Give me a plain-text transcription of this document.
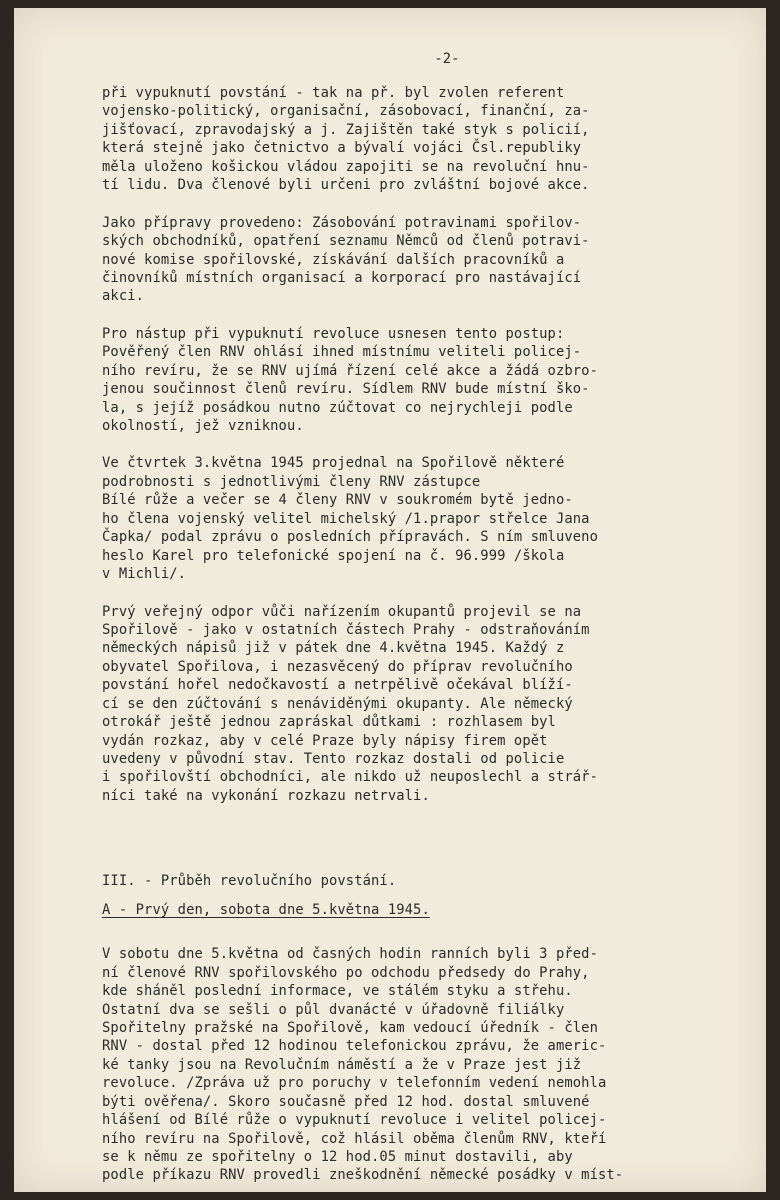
-2-
při vypuknutí povstání - tak na př. byl zvolen referent
vojensko-politický, organisační, zásobovací, finanční, za-
jišťovací, zpravodajský a j. Zajištěn také styk s policií,
která stejně jako četnictvo a bývalí vojáci Čsl.republiky
měla uloženo košickou vládou zapojiti se na revoluční hnu-
tí lidu. Dva členové byli určeni pro zvláštní bojové akce.
Jako přípravy provedeno: Zásobování potravinami spořilov-
ských obchodníků, opatření seznamu Němců od členů potravi-
nové komise spořilovské, získávání dalších pracovníků a
činovníků místních organisací a korporací pro nastávající
akci.
Pro nástup při vypuknutí revoluce usnesen tento postup:
Pověřený člen RNV ohlásí ihned místnímu veliteli policej-
ního revíru, že se RNV ujímá řízení celé akce a žádá ozbro-
jenou součinnost členů revíru. Sídlem RNV bude místní ško-
la, s jejíž posádkou nutno zúčtovat co nejrychleji podle
okolností, jež vzniknou.
Ve čtvrtek 3.května 1945 projednal na Spořilově některé
podrobnosti s jednotlivými členy RNV zástupce
Bílé růže a večer se 4 členy RNV v soukromém bytě jedno-
ho člena vojenský velitel michelský /1.prapor střelce Jana
Čapka/ podal zprávu o posledních přípravách. S ním smluveno
heslo Karel pro telefonické spojení na č. 96.999 /škola
v Michli/.
Prvý veřejný odpor vůči nařízením okupantů projevil se na
Spořilově - jako v ostatních částech Prahy - odstraňováním
německých nápisů již v pátek dne 4.května 1945. Každý z
obyvatel Spořilova, i nezasvěcený do příprav revolučního
povstání hořel nedočkavostí a netrpělivě očekával blíží-
cí se den zúčtování s nenáviděnými okupanty. Ale německý
otrokář ještě jednou zapráskal důtkami : rozhlasem byl
vydán rozkaz, aby v celé Praze byly nápisy firem opět
uvedeny v původní stav. Tento rozkaz dostali od policie
i spořilovští obchodníci, ale nikdo už neuposlechl a strář-
níci také na vykonání rozkazu netrvali.
III. - Průběh revolučního povstání.
A - Prvý den, sobota dne 5.května 1945.
V sobotu dne 5.května od časných hodin ranních byli 3 před-
ní členové RNV spořilovského po odchodu předsedy do Prahy,
kde sháněl poslední informace, ve stálém styku a střehu.
Ostatní dva se sešli o půl dvanácté v úřadovně filiálky
Spořitelny pražské na Spořilově, kam vedoucí úředník - člen
RNV - dostal před 12 hodinou telefonickou zprávu, že americ-
ké tanky jsou na Revolučním náměstí a že v Praze jest již
revoluce. /Zpráva už pro poruchy v telefonním vedení nemohla
býti ověřena/. Skoro současně před 12 hod. dostal smluvené
hlášení od Bílé růže o vypuknutí revoluce i velitel policej-
ního revíru na Spořilově, což hlásil oběma členům RNV, kteří
se k němu ze spořitelny o 12 hod.05 minut dostavili, aby
podle příkazu RNV provedli zneškodnění německé posádky v míst-
